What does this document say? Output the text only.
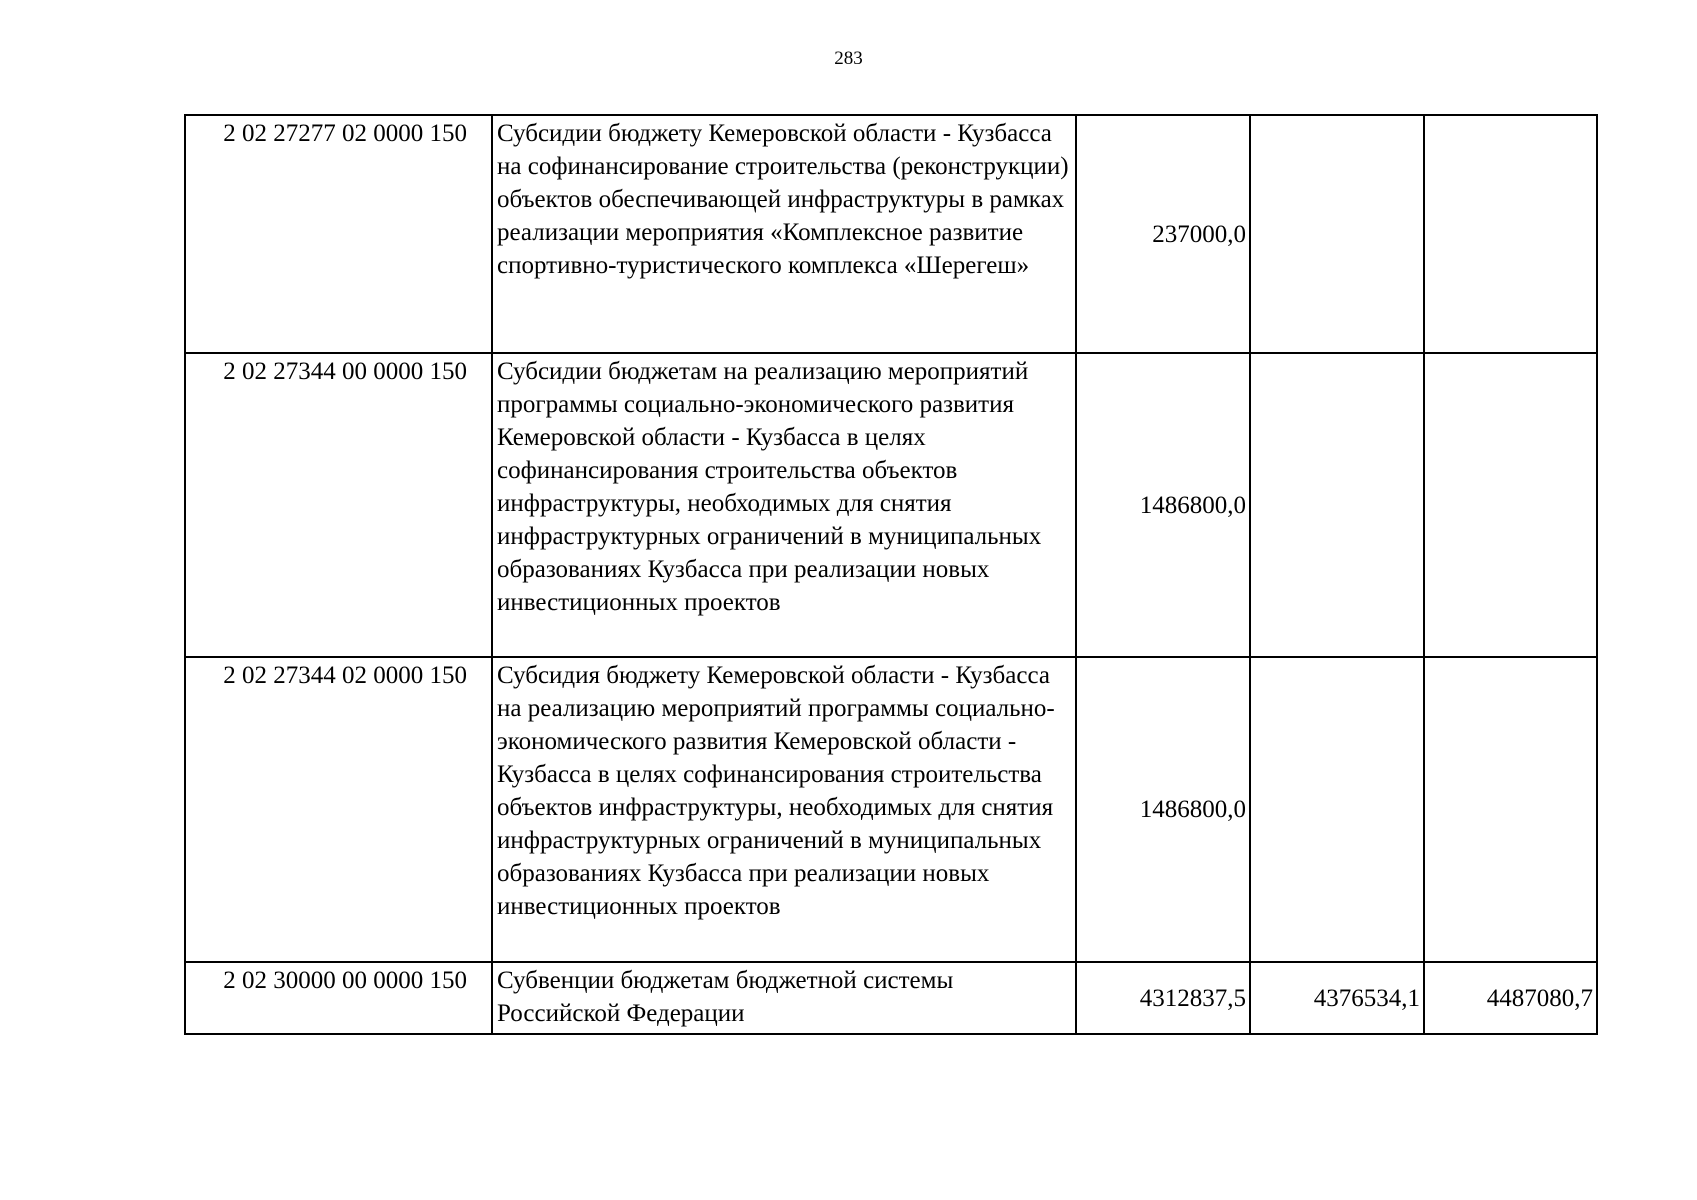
283
2 02 27277 02 0000 150	Субсидии бюджету Кемеровской области - Кузбасса на софинансирование строительства (реконструкции) объектов обеспечивающей инфраструктуры в рамках реализации мероприятия «Комплексное развитие спортивно-туристического комплекса «Шерегеш»	237000,0		
2 02 27344 00 0000 150	Субсидии бюджетам на реализацию мероприятий программы социально-экономического развития Кемеровской области - Кузбасса в целях софинансирования строительства объектов инфраструктуры, необходимых для снятия инфраструктурных ограничений в муниципальных образованиях Кузбасса при реализации новых инвестиционных проектов	1486800,0		
2 02 27344 02 0000 150	Субсидия бюджету Кемеровской области - Кузбасса на реализацию мероприятий программы социально-экономического развития Кемеровской области - Кузбасса в целях софинансирования строительства объектов инфраструктуры, необходимых для снятия инфраструктурных ограничений в муниципальных образованиях Кузбасса при реализации новых инвестиционных проектов	1486800,0		
2 02 30000 00 0000 150	Субвенции бюджетам бюджетной системы Российской Федерации	4312837,5	4376534,1	4487080,7
